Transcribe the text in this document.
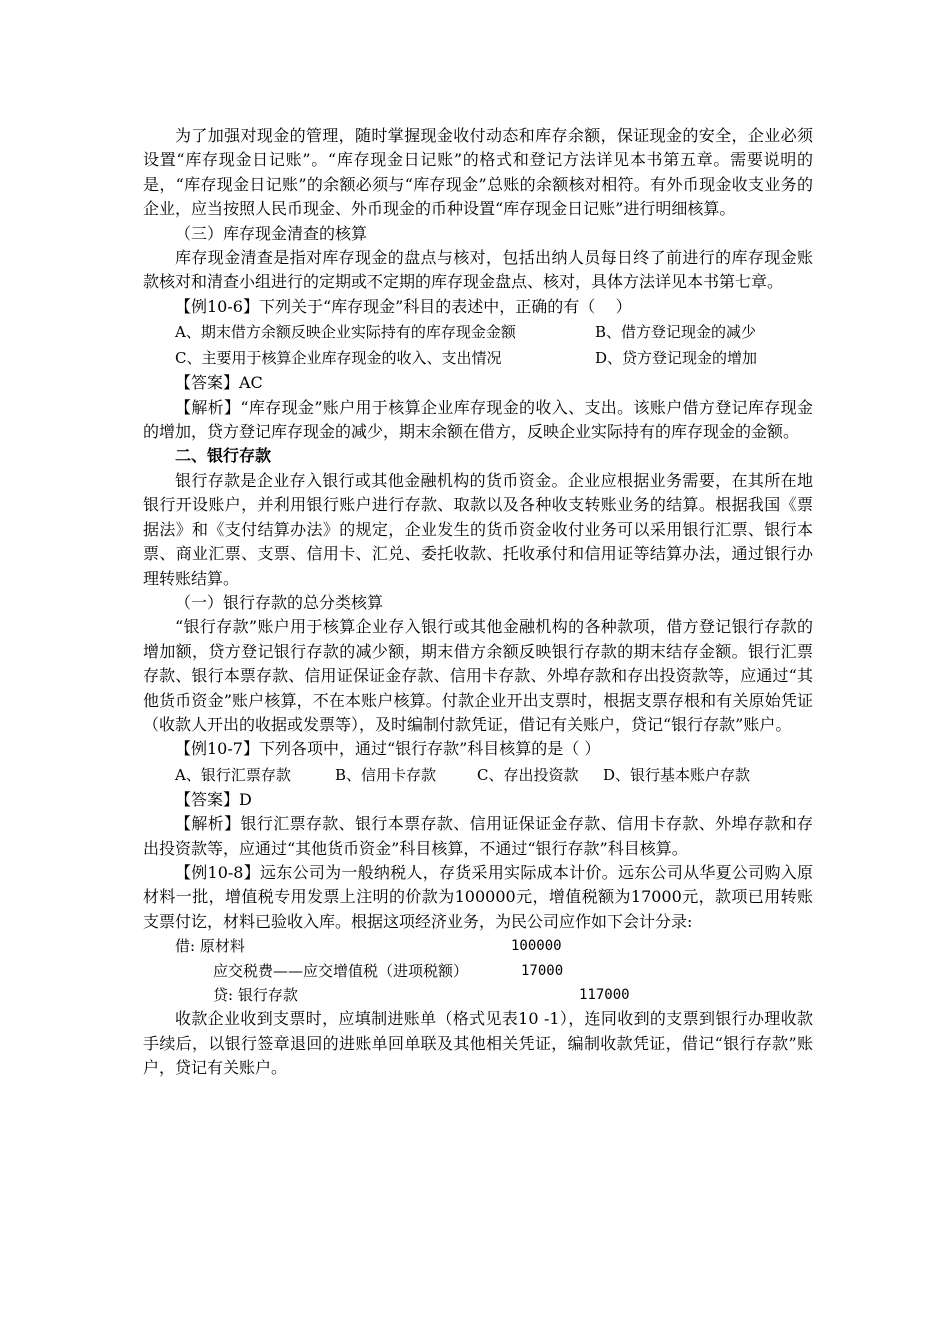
为了加强对现金的管理，随时掌握现金收付动态和库存余额，保证现金的安全，企业必须设置“库存现金日记账”。“库存现金日记账”的格式和登记方法详见本书第五章。需要说明的是，“库存现金日记账”的余额必须与“库存现金”总账的余额核对相符。有外币现金收支业务的企业，应当按照人民币现金、外币现金的币种设置“库存现金日记账”进行明细核算。

（三）库存现金清查的核算

库存现金清查是指对库存现金的盘点与核对，包括出纳人员每日终了前进行的库存现金账款核对和清查小组进行的定期或不定期的库存现金盘点、核对，具体方法详见本书第七章。

【例10-6】下列关于“库存现金”科目的表述中，正确的有（    ）

A、期末借方余额反映企业实际持有的库存现金金额	B、借方登记现金的减少
C、主要用于核算企业库存现金的收入、支出情况	D、贷方登记现金的增加

【答案】AC

【解析】“库存现金”账户用于核算企业库存现金的收入、支出。该账户借方登记库存现金的增加，贷方登记库存现金的减少，期末余额在借方，反映企业实际持有的库存现金的金额。

二、银行存款

银行存款是企业存入银行或其他金融机构的货币资金。企业应根据业务需要，在其所在地银行开设账户，并利用银行账户进行存款、取款以及各种收支转账业务的结算。根据我国《票据法》和《支付结算办法》的规定，企业发生的货币资金收付业务可以采用银行汇票、银行本票、商业汇票、支票、信用卡、汇兑、委托收款、托收承付和信用证等结算办法，通过银行办理转账结算。

（一）银行存款的总分类核算

“银行存款”账户用于核算企业存入银行或其他金融机构的各种款项，借方登记银行存款的增加额，贷方登记银行存款的减少额，期末借方余额反映银行存款的期末结存金额。银行汇票存款、银行本票存款、信用证保证金存款、信用卡存款、外埠存款和存出投资款等，应通过“其他货币资金”账户核算，不在本账户核算。付款企业开出支票时，根据支票存根和有关原始凭证（收款人开出的收据或发票等），及时编制付款凭证，借记有关账户，贷记“银行存款”账户。

【例10-7】下列各项中，通过“银行存款”科目核算的是（ ）

A、银行汇票存款	B、信用卡存款	C、存出投资款	D、银行基本账户存款

【答案】D

【解析】银行汇票存款、银行本票存款、信用证保证金存款、信用卡存款、外埠存款和存出投资款等，应通过“其他货币资金”科目核算，不通过“银行存款”科目核算。

【例10-8】远东公司为一般纳税人，存货采用实际成本计价。远东公司从华夏公司购入原材料一批，增值税专用发票上注明的价款为100000元，增值税额为17000元，款项已用转账支票付讫，材料已验收入库。根据这项经济业务，为民公司应作如下会计分录:

借: 原材料	100000
应交税费——应交增值税（进项税额）	17000
贷: 银行存款	117000

收款企业收到支票时，应填制进账单（格式见表10 -1），连同收到的支票到银行办理收款手续后，以银行签章退回的进账单回单联及其他相关凭证，编制收款凭证，借记“银行存款”账户，贷记有关账户。
